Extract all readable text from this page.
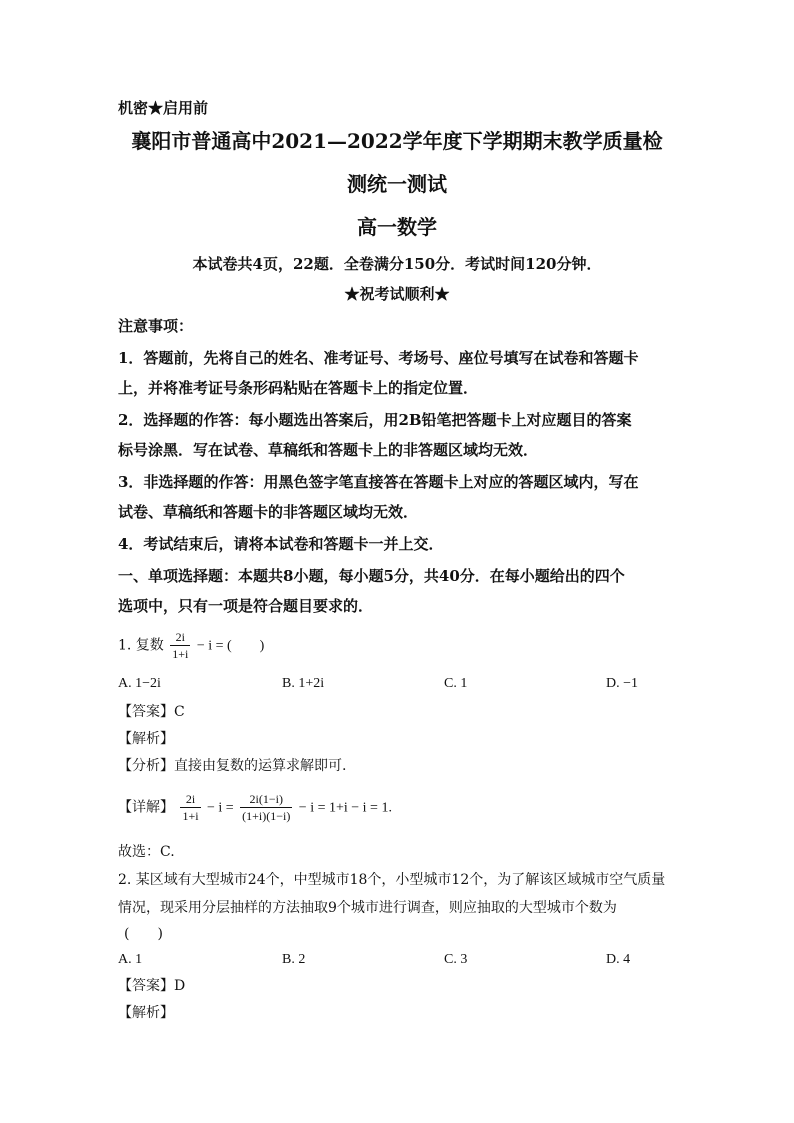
机密★启用前
襄阳市普通高中2021—2022学年度下学期期末教学质量检
测统一测试
高一数学
本试卷共4页，22题．全卷满分150分．考试时间120分钟．
★祝考试顺利★
注意事项：
1．答题前，先将自己的姓名、准考证号、考场号、座位号填写在试卷和答题卡
上，并将准考证号条形码粘贴在答题卡上的指定位置．
2．选择题的作答：每小题选出答案后，用2B铅笔把答题卡上对应题目的答案
标号涂黑．写在试卷、草稿纸和答题卡上的非答题区域均无效．
3．非选择题的作答：用黑色签字笔直接答在答题卡上对应的答题区域内，写在
试卷、草稿纸和答题卡的非答题区域均无效．
4．考试结束后，请将本试卷和答题卡一并上交．
一、单项选择题：本题共8小题，每小题5分，共40分．在每小题给出的四个
选项中，只有一项是符合题目要求的．
1. 复数 $\frac{2i}{1+i} - i$ = (　　)
A. 1−2i	B. 1+2i	C. 1	D. −1
【答案】C
【解析】
【分析】直接由复数的运算求解即可.
【详解】 $\frac{2i}{1+i} - i = \frac{2i(1-i)}{(1+i)(1-i)} - i = 1+i - i = 1$.
故选：C.
2. 某区域有大型城市24个，中型城市18个，小型城市12个，为了解该区域城市空气质量
情况，现采用分层抽样的方法抽取9个城市进行调查，则应抽取的大型城市个数为
(　　)
A. 1	B. 2	C. 3	D. 4
【答案】D
【解析】
